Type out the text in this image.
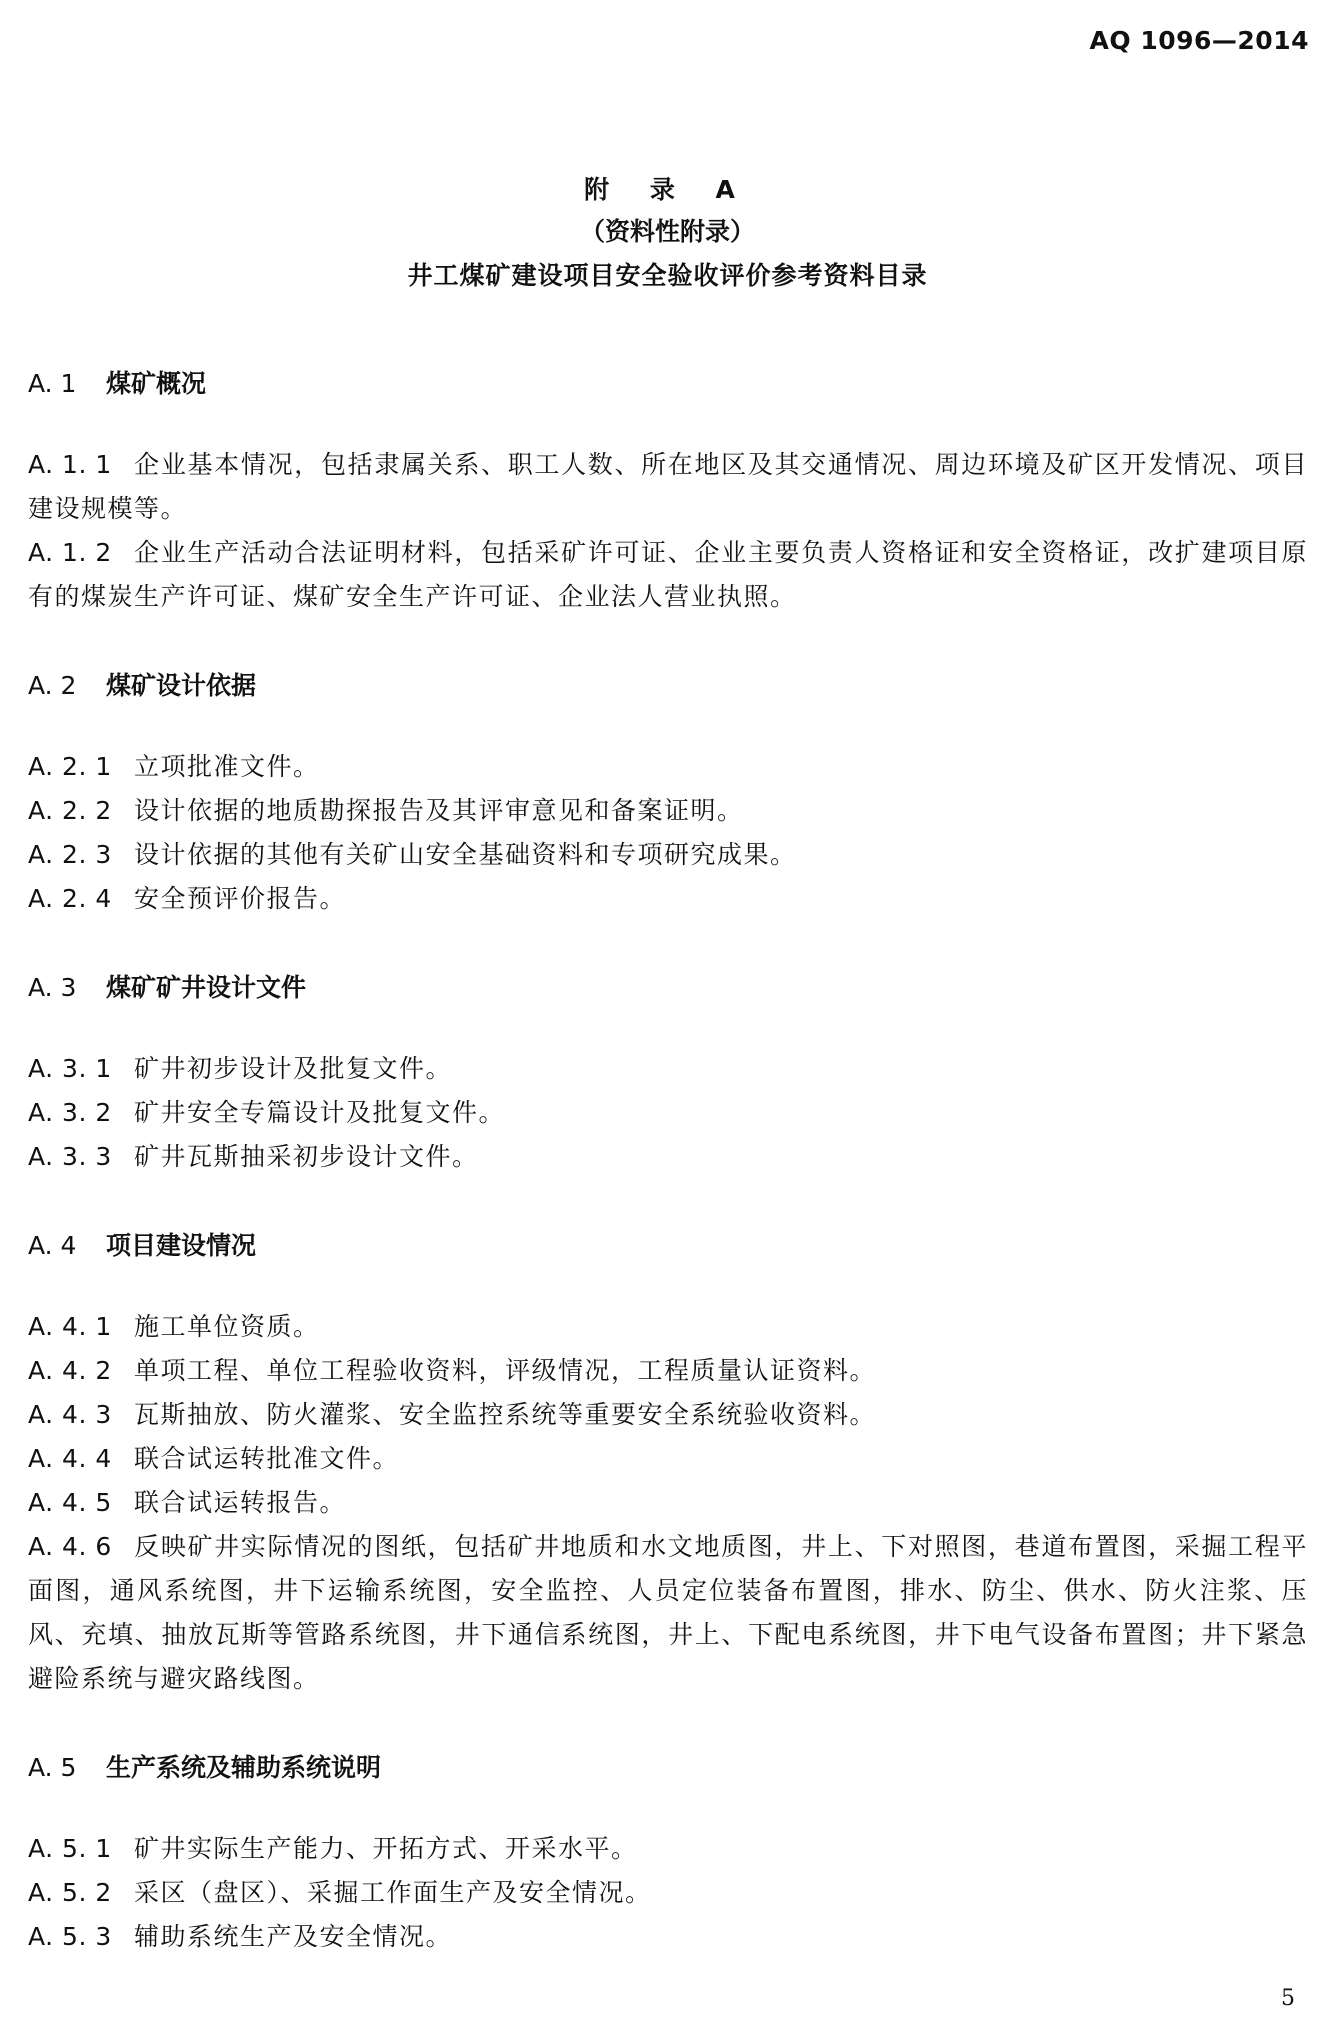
AQ 1096—2014
附 录 A
（资料性附录）
井工煤矿建设项目安全验收评价参考资料目录
A. 1	煤矿概况
A. 1. 1 企业基本情况，包括隶属关系、职工人数、所在地区及其交通情况、周边环境及矿区开发情况、项目建设规模等。
A. 1. 2 企业生产活动合法证明材料，包括采矿许可证、企业主要负责人资格证和安全资格证，改扩建项目原有的煤炭生产许可证、煤矿安全生产许可证、企业法人营业执照。
A. 2	煤矿设计依据
A. 2. 1 立项批准文件。
A. 2. 2 设计依据的地质勘探报告及其评审意见和备案证明。
A. 2. 3 设计依据的其他有关矿山安全基础资料和专项研究成果。
A. 2. 4 安全预评价报告。
A. 3	煤矿矿井设计文件
A. 3. 1 矿井初步设计及批复文件。
A. 3. 2 矿井安全专篇设计及批复文件。
A. 3. 3 矿井瓦斯抽采初步设计文件。
A. 4	项目建设情况
A. 4. 1 施工单位资质。
A. 4. 2 单项工程、单位工程验收资料，评级情况，工程质量认证资料。
A. 4. 3 瓦斯抽放、防火灌浆、安全监控系统等重要安全系统验收资料。
A. 4. 4 联合试运转批准文件。
A. 4. 5 联合试运转报告。
A. 4. 6 反映矿井实际情况的图纸，包括矿井地质和水文地质图，井上、下对照图，巷道布置图，采掘工程平面图，通风系统图，井下运输系统图，安全监控、人员定位装备布置图，排水、防尘、供水、防火注浆、压风、充填、抽放瓦斯等管路系统图，井下通信系统图，井上、下配电系统图，井下电气设备布置图；井下紧急避险系统与避灾路线图。
A. 5	生产系统及辅助系统说明
A. 5. 1 矿井实际生产能力、开拓方式、开采水平。
A. 5. 2 采区（盘区）、采掘工作面生产及安全情况。
A. 5. 3 辅助系统生产及安全情况。
5
